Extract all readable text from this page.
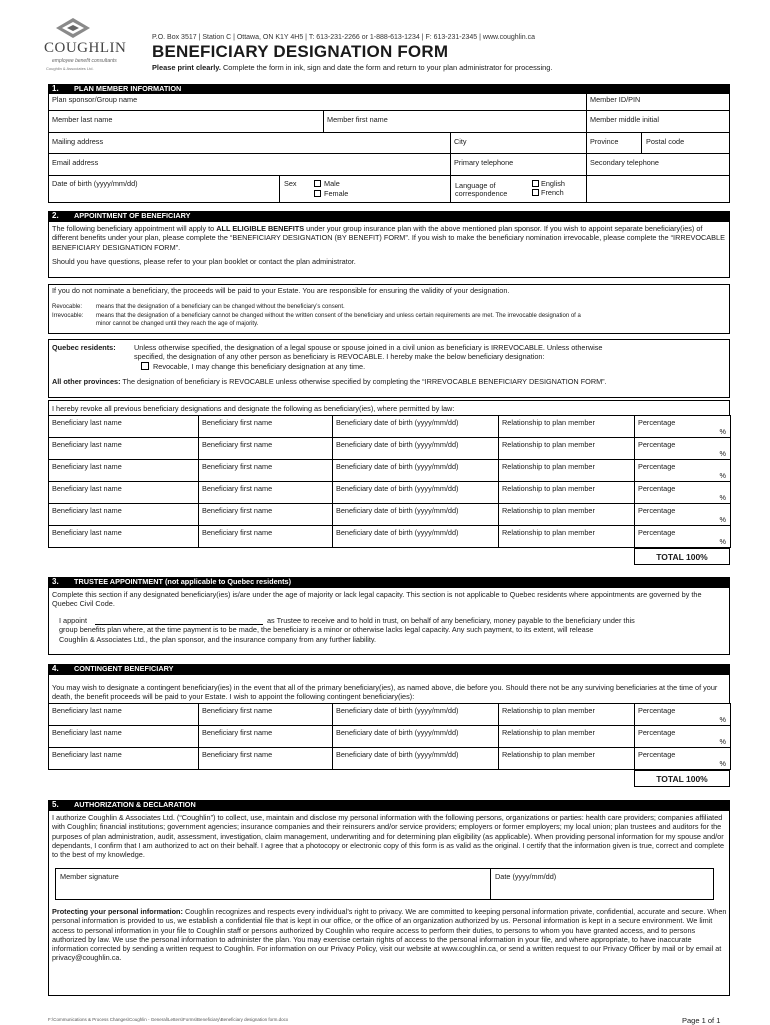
COUGHLIN
employee benefit consultants
Coughlin & Associates Ltd.
P.O. Box 3517 | Station C | Ottawa, ON K1Y 4H5 | T: 613-231-2266 or 1-888-613-1234 | F: 613-231-2345 | www.coughlin.ca
BENEFICIARY DESIGNATION FORM
Please print clearly. Complete the form in ink, sign and date the form and return to your plan administrator for processing.
1. PLAN MEMBER INFORMATION
Plan sponsor/Group name	Member ID/PIN
Member last name	Member first name	Member middle initial
Mailing address	City	Province	Postal code
Email address	Primary telephone	Secondary telephone
Date of birth (yyyy/mm/dd)	Sex	Male
Female
Language of
correspondence
English
French
2. APPOINTMENT OF BENEFICIARY
The following beneficiary appointment will apply to ALL ELIGIBLE BENEFITS under your group insurance plan with the above mentioned plan sponsor. If you wish to appoint separate beneficiary(ies) of different benefits under your plan, please complete the “BENEFICIARY DESIGNATION (BY BENEFIT) FORM”. If you wish to make the beneficiary nomination irrevocable, please complete the “IRREVOCABLE BENEFICIARY DESIGNATION FORM”.
Should you have questions, please refer to your plan booklet or contact the plan administrator.
If you do not nominate a beneficiary, the proceeds will be paid to your Estate. You are responsible for ensuring the validity of your designation.
Revocable: means that the designation of a beneficiary can be changed without the beneficiary’s consent.
Irrevocable: means that the designation of a beneficiary cannot be changed without the written consent of the beneficiary and unless certain requirements are met. The irrevocable designation of a
minor cannot be changed until they reach the age of majority.
Quebec residents:	Unless otherwise specified, the designation of a legal spouse or spouse joined in a civil union as beneficiary is IRREVOCABLE. Unless otherwise
specified, the designation of any other person as beneficiary is REVOCABLE. I hereby make the below beneficiary designation:
Revocable, I may change this beneficiary designation at any time.
All other provinces: The designation of beneficiary is REVOCABLE unless otherwise specified by completing the “IRREVOCABLE BENEFICIARY DESIGNATION FORM”.
I hereby revoke all previous beneficiary designations and designate the following as beneficiary(ies), where permitted by law:
Beneficiary last name	Beneficiary first name	Beneficiary date of birth (yyyy/mm/dd)	Relationship to plan member	Percentage
%
Beneficiary last name	Beneficiary first name	Beneficiary date of birth (yyyy/mm/dd)	Relationship to plan member	Percentage
%
Beneficiary last name	Beneficiary first name	Beneficiary date of birth (yyyy/mm/dd)	Relationship to plan member	Percentage
%
Beneficiary last name	Beneficiary first name	Beneficiary date of birth (yyyy/mm/dd)	Relationship to plan member	Percentage
%
Beneficiary last name	Beneficiary first name	Beneficiary date of birth (yyyy/mm/dd)	Relationship to plan member	Percentage
%
Beneficiary last name	Beneficiary first name	Beneficiary date of birth (yyyy/mm/dd)	Relationship to plan member	Percentage
%
TOTAL 100%
3. TRUSTEE APPOINTMENT (not applicable to Quebec residents)
Complete this section if any designated beneficiary(ies) is/are under the age of majority or lack legal capacity. This section is not applicable to Quebec residents where appointments are governed by the Quebec Civil Code.
I appoint	as Trustee to receive and to hold in trust, on behalf of any beneficiary, money payable to the beneficiary under this
group benefits plan where, at the time payment is to be made, the beneficiary is a minor or otherwise lacks legal capacity. Any such payment, to its extent, will release
Coughlin & Associates Ltd., the plan sponsor, and the insurance company from any further liability.
4. CONTINGENT BENEFICIARY
You may wish to designate a contingent beneficiary(ies) in the event that all of the primary beneficiary(ies), as named above, die before you. Should there not be any surviving beneficiaries at the time of your death, the benefit proceeds will be paid to your Estate. I wish to appoint the following contingent beneficiary(ies):
Beneficiary last name	Beneficiary first name	Beneficiary date of birth (yyyy/mm/dd)	Relationship to plan member	Percentage
%
Beneficiary last name	Beneficiary first name	Beneficiary date of birth (yyyy/mm/dd)	Relationship to plan member	Percentage
%
Beneficiary last name	Beneficiary first name	Beneficiary date of birth (yyyy/mm/dd)	Relationship to plan member	Percentage
%
TOTAL 100%
5. AUTHORIZATION & DECLARATION
I authorize Coughlin & Associates Ltd. (“Coughlin”) to collect, use, maintain and disclose my personal information with the following persons, organizations or parties: health care providers; companies affiliated with Coughlin; financial institutions; government agencies; insurance companies and their reinsurers and/or service providers; employers or former employers; my local union; plan trustees and auditors for the purposes of plan administration, audit, assessment, investigation, claim management, underwriting and for determining plan eligibility (as applicable). When providing personal information for my spouse and/or dependants, I confirm that I am authorized to act on their behalf. I agree that a photocopy or electronic copy of this form is as valid as the original. I certify that the information given is true, correct and complete to the best of my knowledge.
Member signature	Date (yyyy/mm/dd)
Protecting your personal information: Coughlin recognizes and respects every individual’s right to privacy. We are committed to keeping personal information private, confidential, accurate and secure. When personal information is provided to us, we establish a confidential file that is kept in our office, or the office of an organization authorized by us. Personal information is kept in a secure environment. We limit access to personal information in your file to Coughlin staff or persons authorized by Coughlin who require access to perform their duties, to persons to whom you have granted access, and to persons authorized by law. We use the personal information to administer the plan. You may exercise certain rights of access to the personal information in your file, and where appropriate, to have inaccurate information corrected by sending a written request to Coughlin. For information on our Privacy Policy, visit our website at www.coughlin.ca, or send a written request to our Privacy Officer by mail or by email at privacy@coughlin.ca.
F:\Communications & Process Changes\Coughlin - General\Letters\Forms\Beneficiary\Beneficiary designation form.docx	Page 1 of 1
